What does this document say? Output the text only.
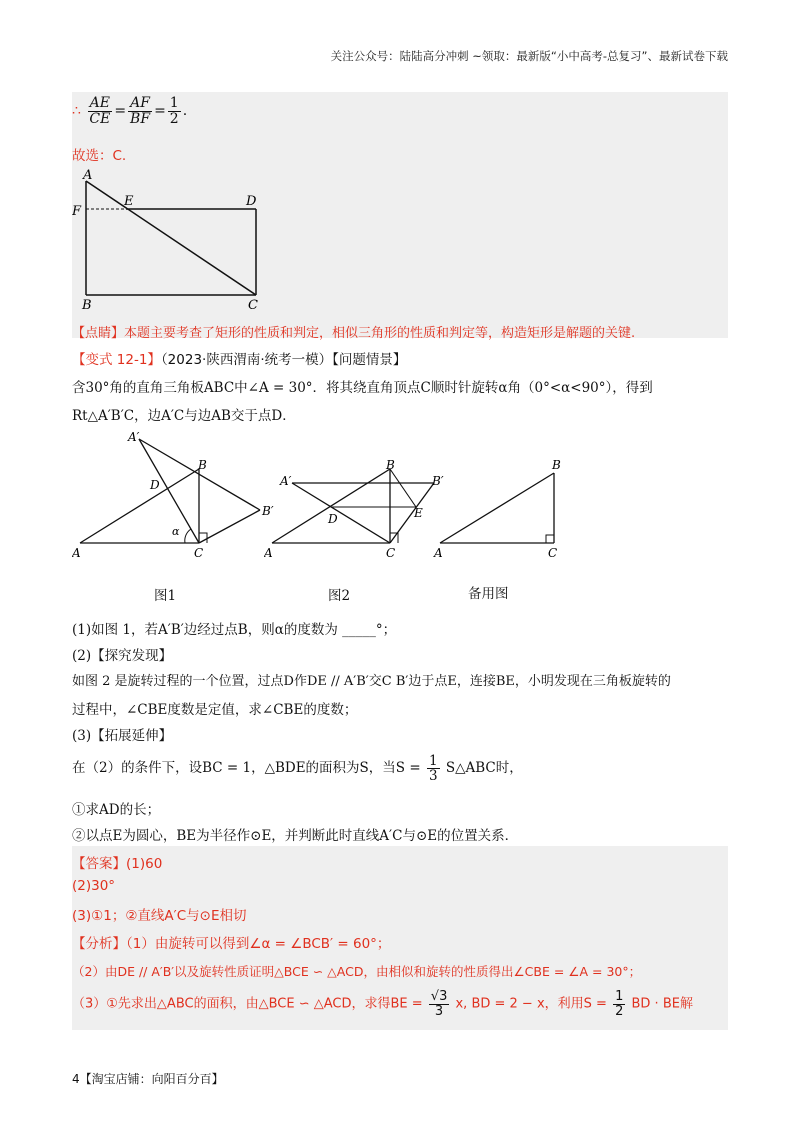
关注公众号：陆陆高分冲刺 ~领取：最新版“小中高考-总复习”、最新试卷下载
∴ $\frac{AE}{CE} = \frac{AF}{BF} = \frac{1}{2}$ .
故选：C.
A
E	D
F
B	C
【点睛】本题主要考查了矩形的性质和判定，相似三角形的性质和判定等，构造矩形是解题的关键.
【变式 12-1】（2023·陕西渭南·统考一模）【问题情景】
含30°角的直角三角板ABC中∠A = 30°．将其绕直角顶点C顺时针旋转α角（0°<α<90°），得到
Rt△A′B′C，边A′C与边AB交于点D．
A
A′
B
B′
C
D
α
A
A′
B
B′
C
D	E
A
B
C
图1	图2	备用图
(1)如图 1，若A′B′边经过点B，则α的度数为 _____°；
(2)【探究发现】
如图 2 是旋转过程的一个位置，过点D作DE // A′B′交C B′边于点E，连接BE，小明发现在三角板旋转的
过程中，∠CBE度数是定值，求∠CBE的度数；
(3)【拓展延伸】
在（2）的条件下，设BC = 1，△BDE的面积为S，当$S = \frac{1}{3}$ S△ABC时，
①求AD的长；
②以点E为圆心，BE为半径作⊙E，并判断此时直线A′C与⊙E的位置关系．
【答案】(1)60
(2)30°
(3)①1；②直线A′C与⊙E相切
【分析】（1）由旋转可以得到∠α = ∠BCB′ = 60°；
（2）由DE // A′B′以及旋转性质证明△BCE ∽ △ACD，由相似和旋转的性质得出∠CBE = ∠A = 30°；
（3）①先求出△ABC的面积，由△BCE ∽ △ACD，求得BE = $\frac{√3}{3} x$, BD = 2 − x，利用$S = \frac{1}{2}$ BD · BE解
4【淘宝店铺：向阳百分百】
